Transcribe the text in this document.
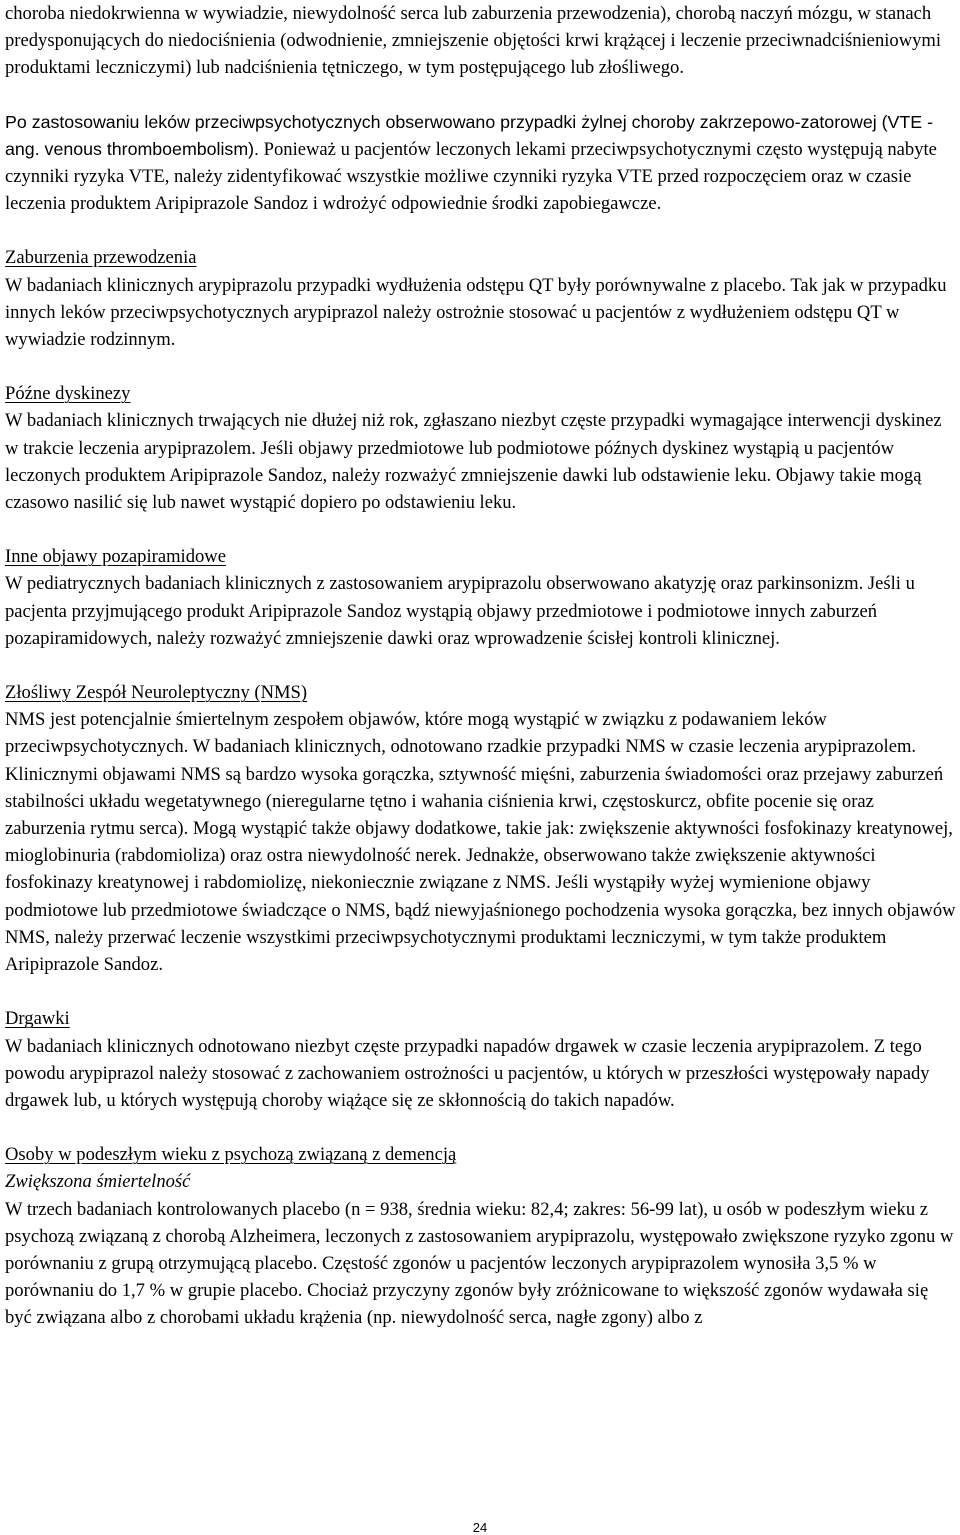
choroba niedokrwienna w wywiadzie, niewydolność serca lub zaburzenia przewodzenia), chorobą naczyń mózgu, w stanach predysponujących do niedociśnienia (odwodnienie, zmniejszenie objętości krwi krążącej i leczenie przeciwnadciśnieniowymi produktami leczniczymi) lub nadciśnienia tętniczego, w tym postępującego lub złośliwego.

Po zastosowaniu leków przeciwpsychotycznych obserwowano przypadki żylnej choroby zakrzepowo-zatorowej (VTE - ang. venous thromboembolism). Ponieważ u pacjentów leczonych lekami przeciwpsychotycznymi często występują nabyte czynniki ryzyka VTE, należy zidentyfikować wszystkie możliwe czynniki ryzyka VTE przed rozpoczęciem oraz w czasie leczenia produktem Aripiprazole Sandoz i wdrożyć odpowiednie środki zapobiegawcze.

Zaburzenia przewodzenia

W badaniach klinicznych arypiprazolu przypadki wydłużenia odstępu QT były porównywalne z placebo. Tak jak w przypadku innych leków przeciwpsychotycznych arypiprazol należy ostrożnie stosować u pacjentów z wydłużeniem odstępu QT w wywiadzie rodzinnym.

Późne dyskinezy

W badaniach klinicznych trwających nie dłużej niż rok, zgłaszano niezbyt częste przypadki wymagające interwencji dyskinez w trakcie leczenia arypiprazolem. Jeśli objawy przedmiotowe lub podmiotowe późnych dyskinez wystąpią u pacjentów leczonych produktem Aripiprazole Sandoz, należy rozważyć zmniejszenie dawki lub odstawienie leku. Objawy takie mogą czasowo nasilić się lub nawet wystąpić dopiero po odstawieniu leku.

Inne objawy pozapiramidowe

W pediatrycznych badaniach klinicznych z zastosowaniem arypiprazolu obserwowano akatyzję oraz parkinsonizm. Jeśli u pacjenta przyjmującego produkt Aripiprazole Sandoz wystąpią objawy przedmiotowe i podmiotowe innych zaburzeń pozapiramidowych, należy rozważyć zmniejszenie dawki oraz wprowadzenie ścisłej kontroli klinicznej.

Złośliwy Zespół Neuroleptyczny (NMS)

NMS jest potencjalnie śmiertelnym zespołem objawów, które mogą wystąpić w związku z podawaniem leków przeciwpsychotycznych. W badaniach klinicznych, odnotowano rzadkie przypadki NMS w czasie leczenia arypiprazolem. Klinicznymi objawami NMS są bardzo wysoka gorączka, sztywność mięśni, zaburzenia świadomości oraz przejawy zaburzeń stabilności układu wegetatywnego (nieregularne tętno i wahania ciśnienia krwi, częstoskurcz, obfite pocenie się oraz zaburzenia rytmu serca). Mogą wystąpić także objawy dodatkowe, takie jak: zwiększenie aktywności fosfokinazy kreatynowej, mioglobinuria (rabdomioliza) oraz ostra niewydolność nerek. Jednakże, obserwowano także zwiększenie aktywności fosfokinazy kreatynowej i rabdomiolizę, niekoniecznie związane z NMS. Jeśli wystąpiły wyżej wymienione objawy podmiotowe lub przedmiotowe świadczące o NMS, bądź niewyjaśnionego pochodzenia wysoka gorączka, bez innych objawów NMS, należy przerwać leczenie wszystkimi przeciwpsychotycznymi produktami leczniczymi, w tym także produktem Aripiprazole Sandoz.

Drgawki

W badaniach klinicznych odnotowano niezbyt częste przypadki napadów drgawek w czasie leczenia arypiprazolem. Z tego powodu arypiprazol należy stosować z zachowaniem ostrożności u pacjentów, u których w przeszłości występowały napady drgawek lub, u których występują choroby wiążące się ze skłonnością do takich napadów.

Osoby w podeszłym wieku z psychozą związaną z demencją

Zwiększona śmiertelność

W trzech badaniach kontrolowanych placebo (n = 938, średnia wieku: 82,4; zakres: 56-99 lat), u osób w podeszłym wieku z psychozą związaną z chorobą Alzheimera, leczonych z zastosowaniem arypiprazolu, występowało zwiększone ryzyko zgonu w porównaniu z grupą otrzymującą placebo. Częstość zgonów u pacjentów leczonych arypiprazolem wynosiła 3,5 % w porównaniu do 1,7 % w grupie placebo. Chociaż przyczyny zgonów były zróżnicowane to większość zgonów wydawała się być związana albo z chorobami układu krążenia (np. niewydolność serca, nagłe zgony) albo z

24
